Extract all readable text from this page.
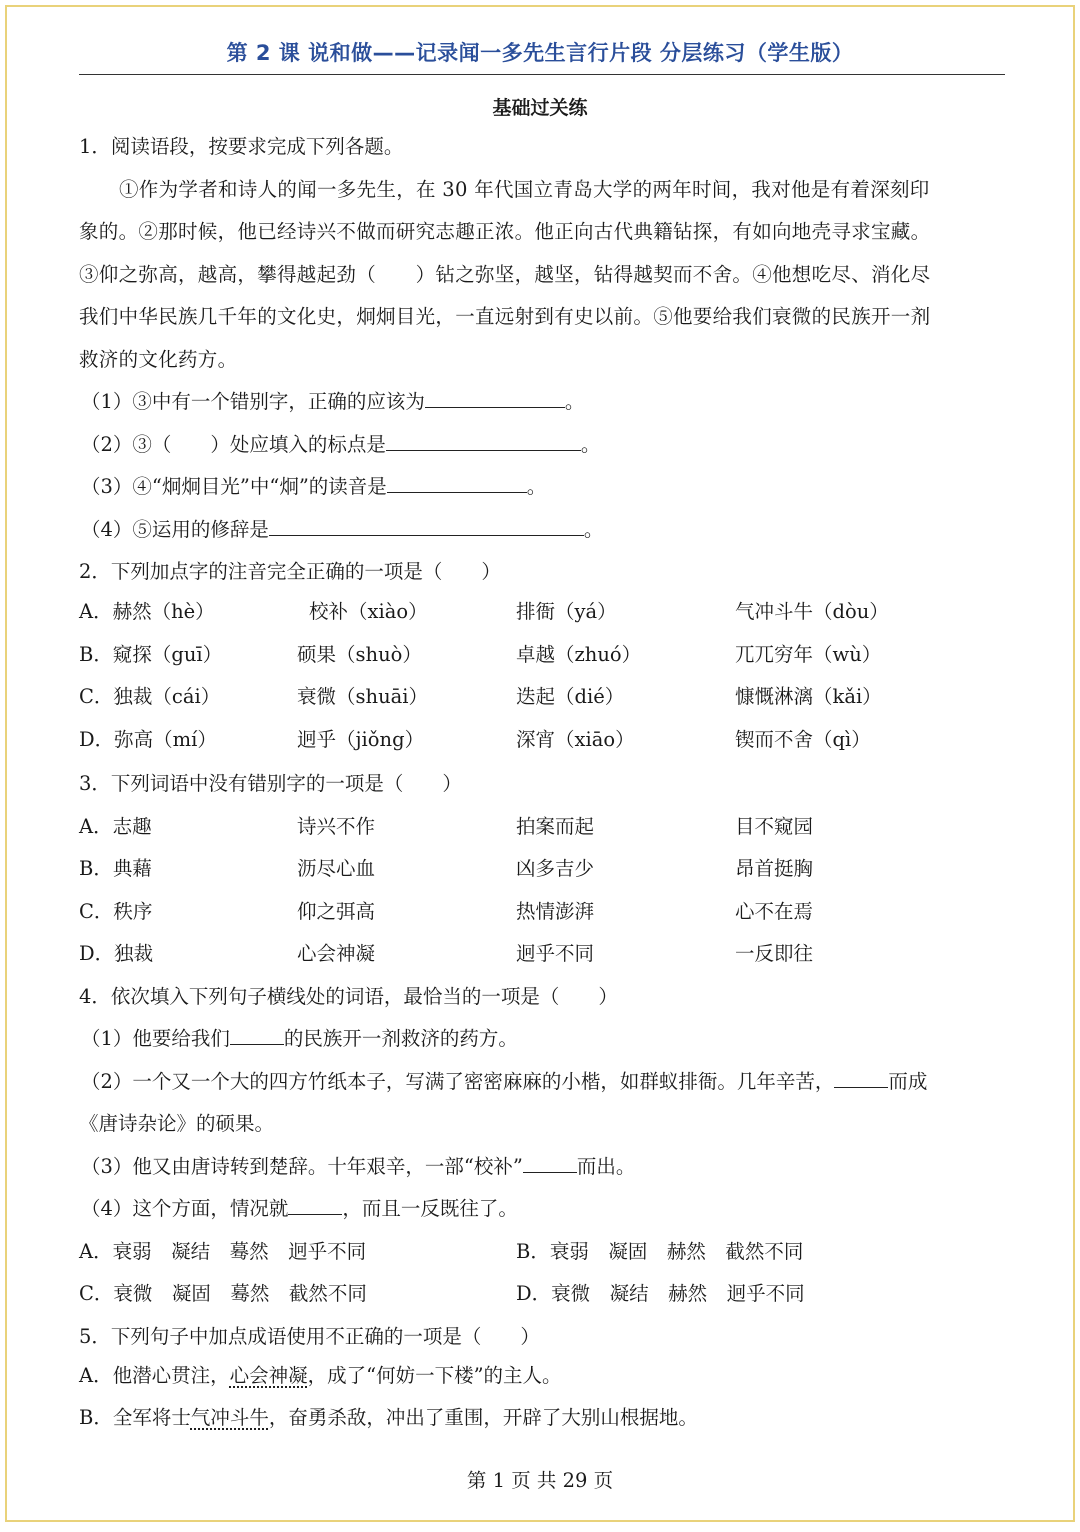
第 2 课 说和做——记录闻一多先生言行片段 分层练习（学生版）
基础过关练
1．阅读语段，按要求完成下列各题。
①作为学者和诗人的闻一多先生，在 30 年代国立青岛大学的两年时间，我对他是有着深刻印
象的。②那时候，他已经诗兴不做而研究志趣正浓。他正向古代典籍钻探，有如向地壳寻求宝藏。
③仰之弥高，越高，攀得越起劲（　　）钻之弥坚，越坚，钻得越契而不舍。④他想吃尽、消化尽
我们中华民族几千年的文化史，炯炯目光，一直远射到有史以前。⑤他要给我们衰微的民族开一剂
救济的文化药方。
（1）③中有一个错别字，正确的应该为	。
（2）③（　　）处应填入的标点是	。
（3）④“炯炯目光”中“炯”的读音是	。
（4）⑤运用的修辞是	。
2．下列加点字的注音完全正确的一项是（　　）
A．赫然（hè）	校补（xiào）	排衙（yá）	气冲斗牛（dòu）
B．窥探（guī）	硕果（shuò）	卓越（zhuó）	兀兀穷年（wù）
C．独裁（cái）	衰微（shuāi）	迭起（dié）	慷慨淋漓（kǎi）
D．弥高（mí）	迥乎（jiǒng）	深宵（xiāo）	锲而不舍（qì）
3．下列词语中没有错别字的一项是（　　）
A．志趣	诗兴不作	拍案而起	目不窥园
B．典藉	沥尽心血	凶多吉少	昂首挺胸
C．秩序	仰之弭高	热情澎湃	心不在焉
D．独裁	心会神凝	迥乎不同	一反即往
4．依次填入下列句子横线处的词语，最恰当的一项是（　　）
（1）他要给我们	的民族开一剂救济的药方。
（2）一个又一个大的四方竹纸本子，写满了密密麻麻的小楷，如群蚁排衙。几年辛苦，	而成
《唐诗杂论》的硕果。
（3）他又由唐诗转到楚辞。十年艰辛，一部“校补”	而出。
（4）这个方面，情况就	，而且一反既往了。
A．衰弱　凝结　蓦然　迥乎不同	B．衰弱　凝固　赫然　截然不同
C．衰微　凝固　蓦然　截然不同	D．衰微　凝结　赫然　迥乎不同
5．下列句子中加点成语使用不正确的一项是（　　）
A．他潜心贯注，心会神凝，成了“何妨一下楼”的主人。
B．全军将士气冲斗牛，奋勇杀敌，冲出了重围，开辟了大别山根据地。
第 1 页 共 29 页
